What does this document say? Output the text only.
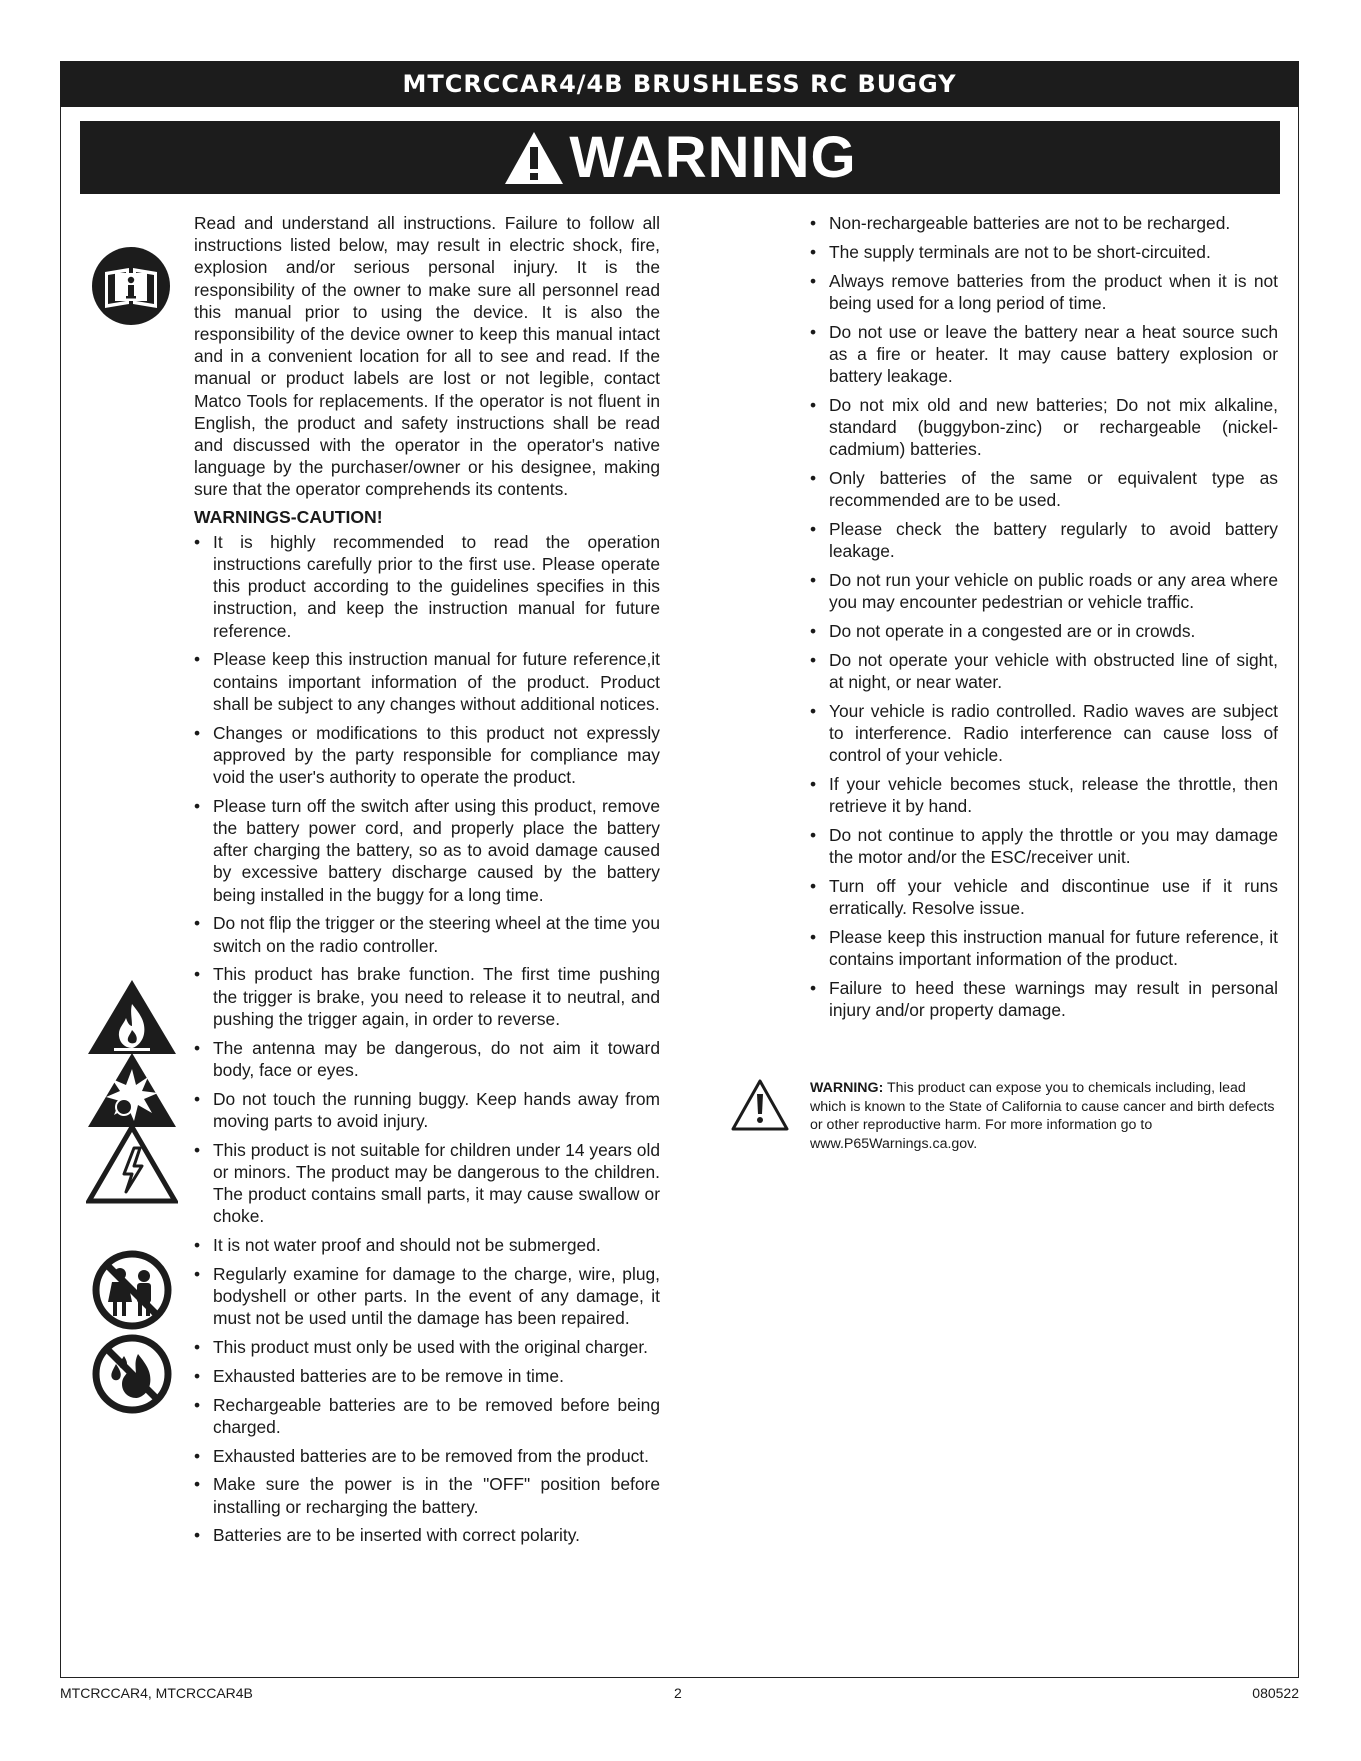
MTCRCCAR4/4B BRUSHLESS RC BUGGY
WARNING

Read and understand all instructions. Failure to follow all instructions listed below, may result in electric shock, fire, explosion and/or serious personal injury. It is the responsibility of the owner to make sure all personnel read this manual prior to using the device. It is also the responsibility of the device owner to keep this manual intact and in a convenient location for all to see and read. If the manual or product labels are lost or not legible, contact Matco Tools for replacements. If the operator is not fluent in English, the product and safety instructions shall be read and discussed with the operator in the operator's native language by the purchaser/owner or his designee, making sure that the operator comprehends its contents.

WARNINGS-CAUTION!
• It is highly recommended to read the operation instructions carefully prior to the first use. Please operate this product according to the guidelines specifies in this instruction, and keep the instruction manual for future reference.
• Please keep this instruction manual for future reference,it contains important information of the product. Product shall be subject to any changes without additional notices.
• Changes or modifications to this product not expressly approved by the party responsible for compliance may void the user's authority to operate the product.
• Please turn off the switch after using this product, remove the battery power cord, and properly place the battery after charging the battery, so as to avoid damage caused by excessive battery discharge caused by the battery being installed in the buggy for a long time.
• Do not flip the trigger or the steering wheel at the time you switch on the radio controller.
• This product has brake function. The first time pushing the trigger is brake, you need to release it to neutral, and pushing the trigger again, in order to reverse.
• The antenna may be dangerous, do not aim it toward body, face or eyes.
• Do not touch the running buggy. Keep hands away from moving parts to avoid injury.
• This product is not suitable for children under 14 years old or minors. The product may be dangerous to the children. The product contains small parts, it may cause swallow or choke.
• It is not water proof and should not be submerged.
• Regularly examine for damage to the charge, wire, plug, bodyshell or other parts. In the event of any damage, it must not be used until the damage has been repaired.
• This product must only be used with the original charger.
• Exhausted batteries are to be remove in time.
• Rechargeable batteries are to be removed before being charged.
• Exhausted batteries are to be removed from the product.
• Make sure the power is in the "OFF" position before installing or recharging the battery.
• Batteries are to be inserted with correct polarity.
• Non-rechargeable batteries are not to be recharged.
• The supply terminals are not to be short-circuited.
• Always remove batteries from the product when it is not being used for a long period of time.
• Do not use or leave the battery near a heat source such as a fire or heater. It may cause battery explosion or battery leakage.
• Do not mix old and new batteries; Do not mix alkaline, standard (buggybon-zinc) or rechargeable (nickel-cadmium) batteries.
• Only batteries of the same or equivalent type as recommended are to be used.
• Please check the battery regularly to avoid battery leakage.
• Do not run your vehicle on public roads or any area where you may encounter pedestrian or vehicle traffic.
• Do not operate in a congested are or in crowds.
• Do not operate your vehicle with obstructed line of sight, at night, or near water.
• Your vehicle is radio controlled. Radio waves are subject to interference. Radio interference can cause loss of control of your vehicle.
• If your vehicle becomes stuck, release the throttle, then retrieve it by hand.
• Do not continue to apply the throttle or you may damage the motor and/or the ESC/receiver unit.
• Turn off your vehicle and discontinue use if it runs erratically. Resolve issue.
• Please keep this instruction manual for future reference, it contains important information of the product.
• Failure to heed these warnings may result in personal injury and/or property damage.
WARNING: This product can expose you to chemicals including, lead which is known to the State of California to cause cancer and birth defects or other reproductive harm. For more information go to www.P65Warnings.ca.gov.
MTCRCCAR4, MTCRCCAR4B	2	080522
